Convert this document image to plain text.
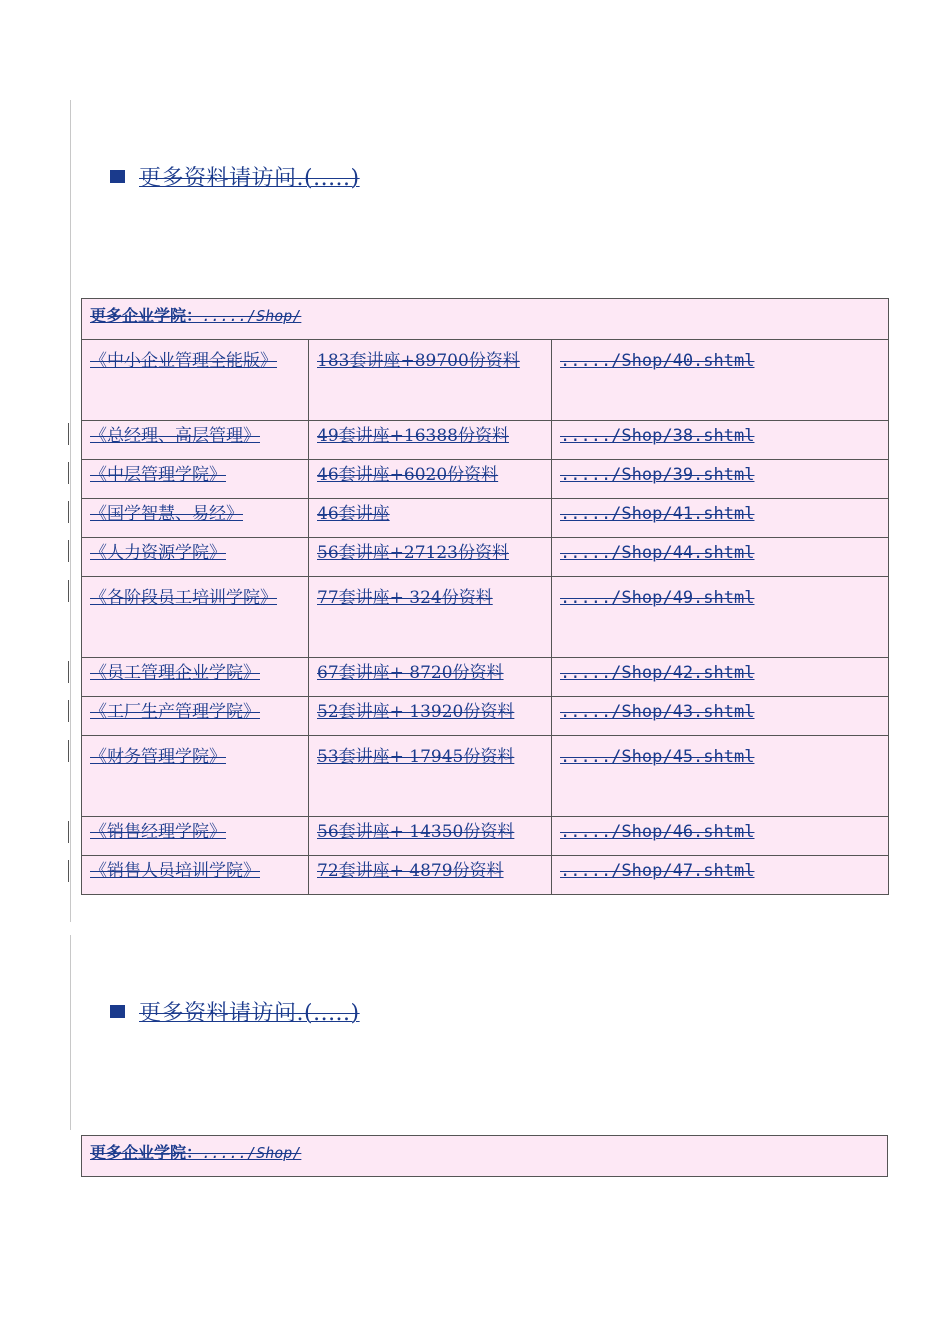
更多资料请访问.(.....)
更多企业学院：...../Shop/		
《中小企业管理全能版》	183套讲座+89700份资料	...../Shop/40.shtml
《总经理、高层管理》	49套讲座+16388份资料	...../Shop/38.shtml
《中层管理学院》	46套讲座+6020份资料	...../Shop/39.shtml
《国学智慧、易经》	46套讲座	...../Shop/41.shtml
《人力资源学院》	56套讲座+27123份资料	...../Shop/44.shtml
《各阶段员工培训学院》	77套讲座+ 324份资料	...../Shop/49.shtml
《员工管理企业学院》	67套讲座+ 8720份资料	...../Shop/42.shtml
《工厂生产管理学院》	52套讲座+ 13920份资料	...../Shop/43.shtml
《财务管理学院》	53套讲座+ 17945份资料	...../Shop/45.shtml
《销售经理学院》	56套讲座+ 14350份资料	...../Shop/46.shtml
《销售人员培训学院》	72套讲座+ 4879份资料	...../Shop/47.shtml
更多资料请访问.(.....)
更多企业学院：...../Shop/
